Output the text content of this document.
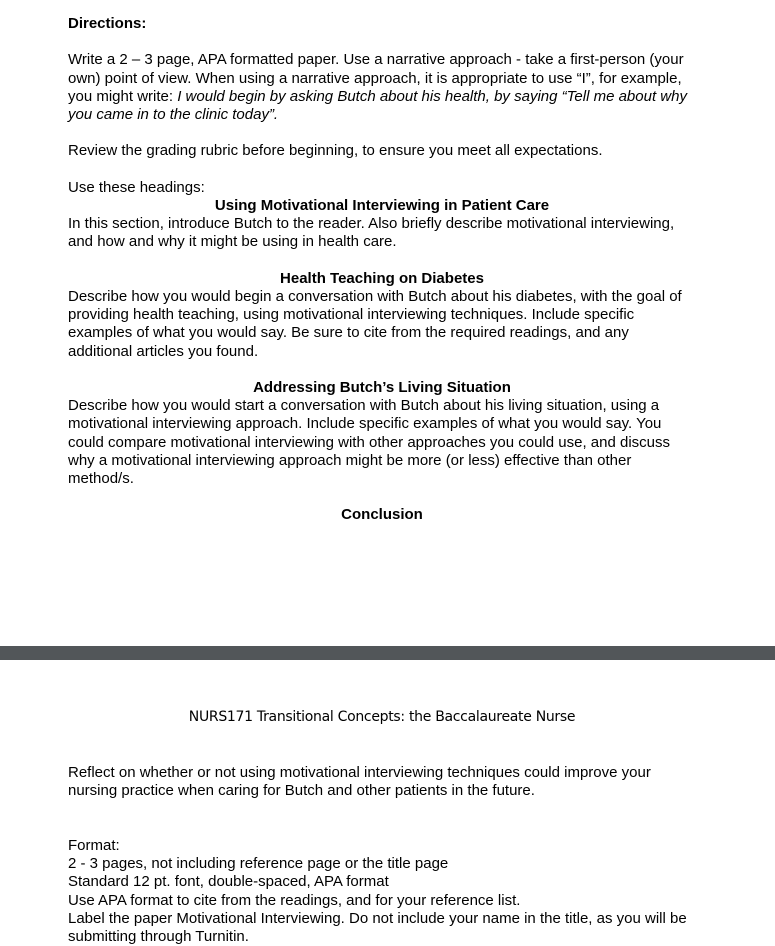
Directions:

Write a 2 – 3 page, APA formatted paper. Use a narrative approach - take a first-person (your own) point of view. When using a narrative approach, it is appropriate to use “I”, for example, you might write: I would begin by asking Butch about his health, by saying “Tell me about why you came in to the clinic today”.

Review the grading rubric before beginning, to ensure you meet all expectations.

Use these headings:

Using Motivational Interviewing in Patient Care

In this section, introduce Butch to the reader. Also briefly describe motivational interviewing, and how and why it might be using in health care.

Health Teaching on Diabetes

Describe how you would begin a conversation with Butch about his diabetes, with the goal of providing health teaching, using motivational interviewing techniques. Include specific examples of what you would say. Be sure to cite from the required readings, and any additional articles you found.

Addressing Butch’s Living Situation

Describe how you would start a conversation with Butch about his living situation, using a motivational interviewing approach. Include specific examples of what you would say. You could compare motivational interviewing with other approaches you could use, and discuss why a motivational interviewing approach might be more (or less) effective than other method/s.

Conclusion

NURS171 Transitional Concepts: the Baccalaureate Nurse

Reflect on whether or not using motivational interviewing techniques could improve your nursing practice when caring for Butch and other patients in the future.

Format:

2 - 3 pages, not including reference page or the title page

Standard 12 pt. font, double-spaced, APA format

Use APA format to cite from the readings, and for your reference list.

Label the paper Motivational Interviewing. Do not include your name in the title, as you will be submitting through Turnitin.
